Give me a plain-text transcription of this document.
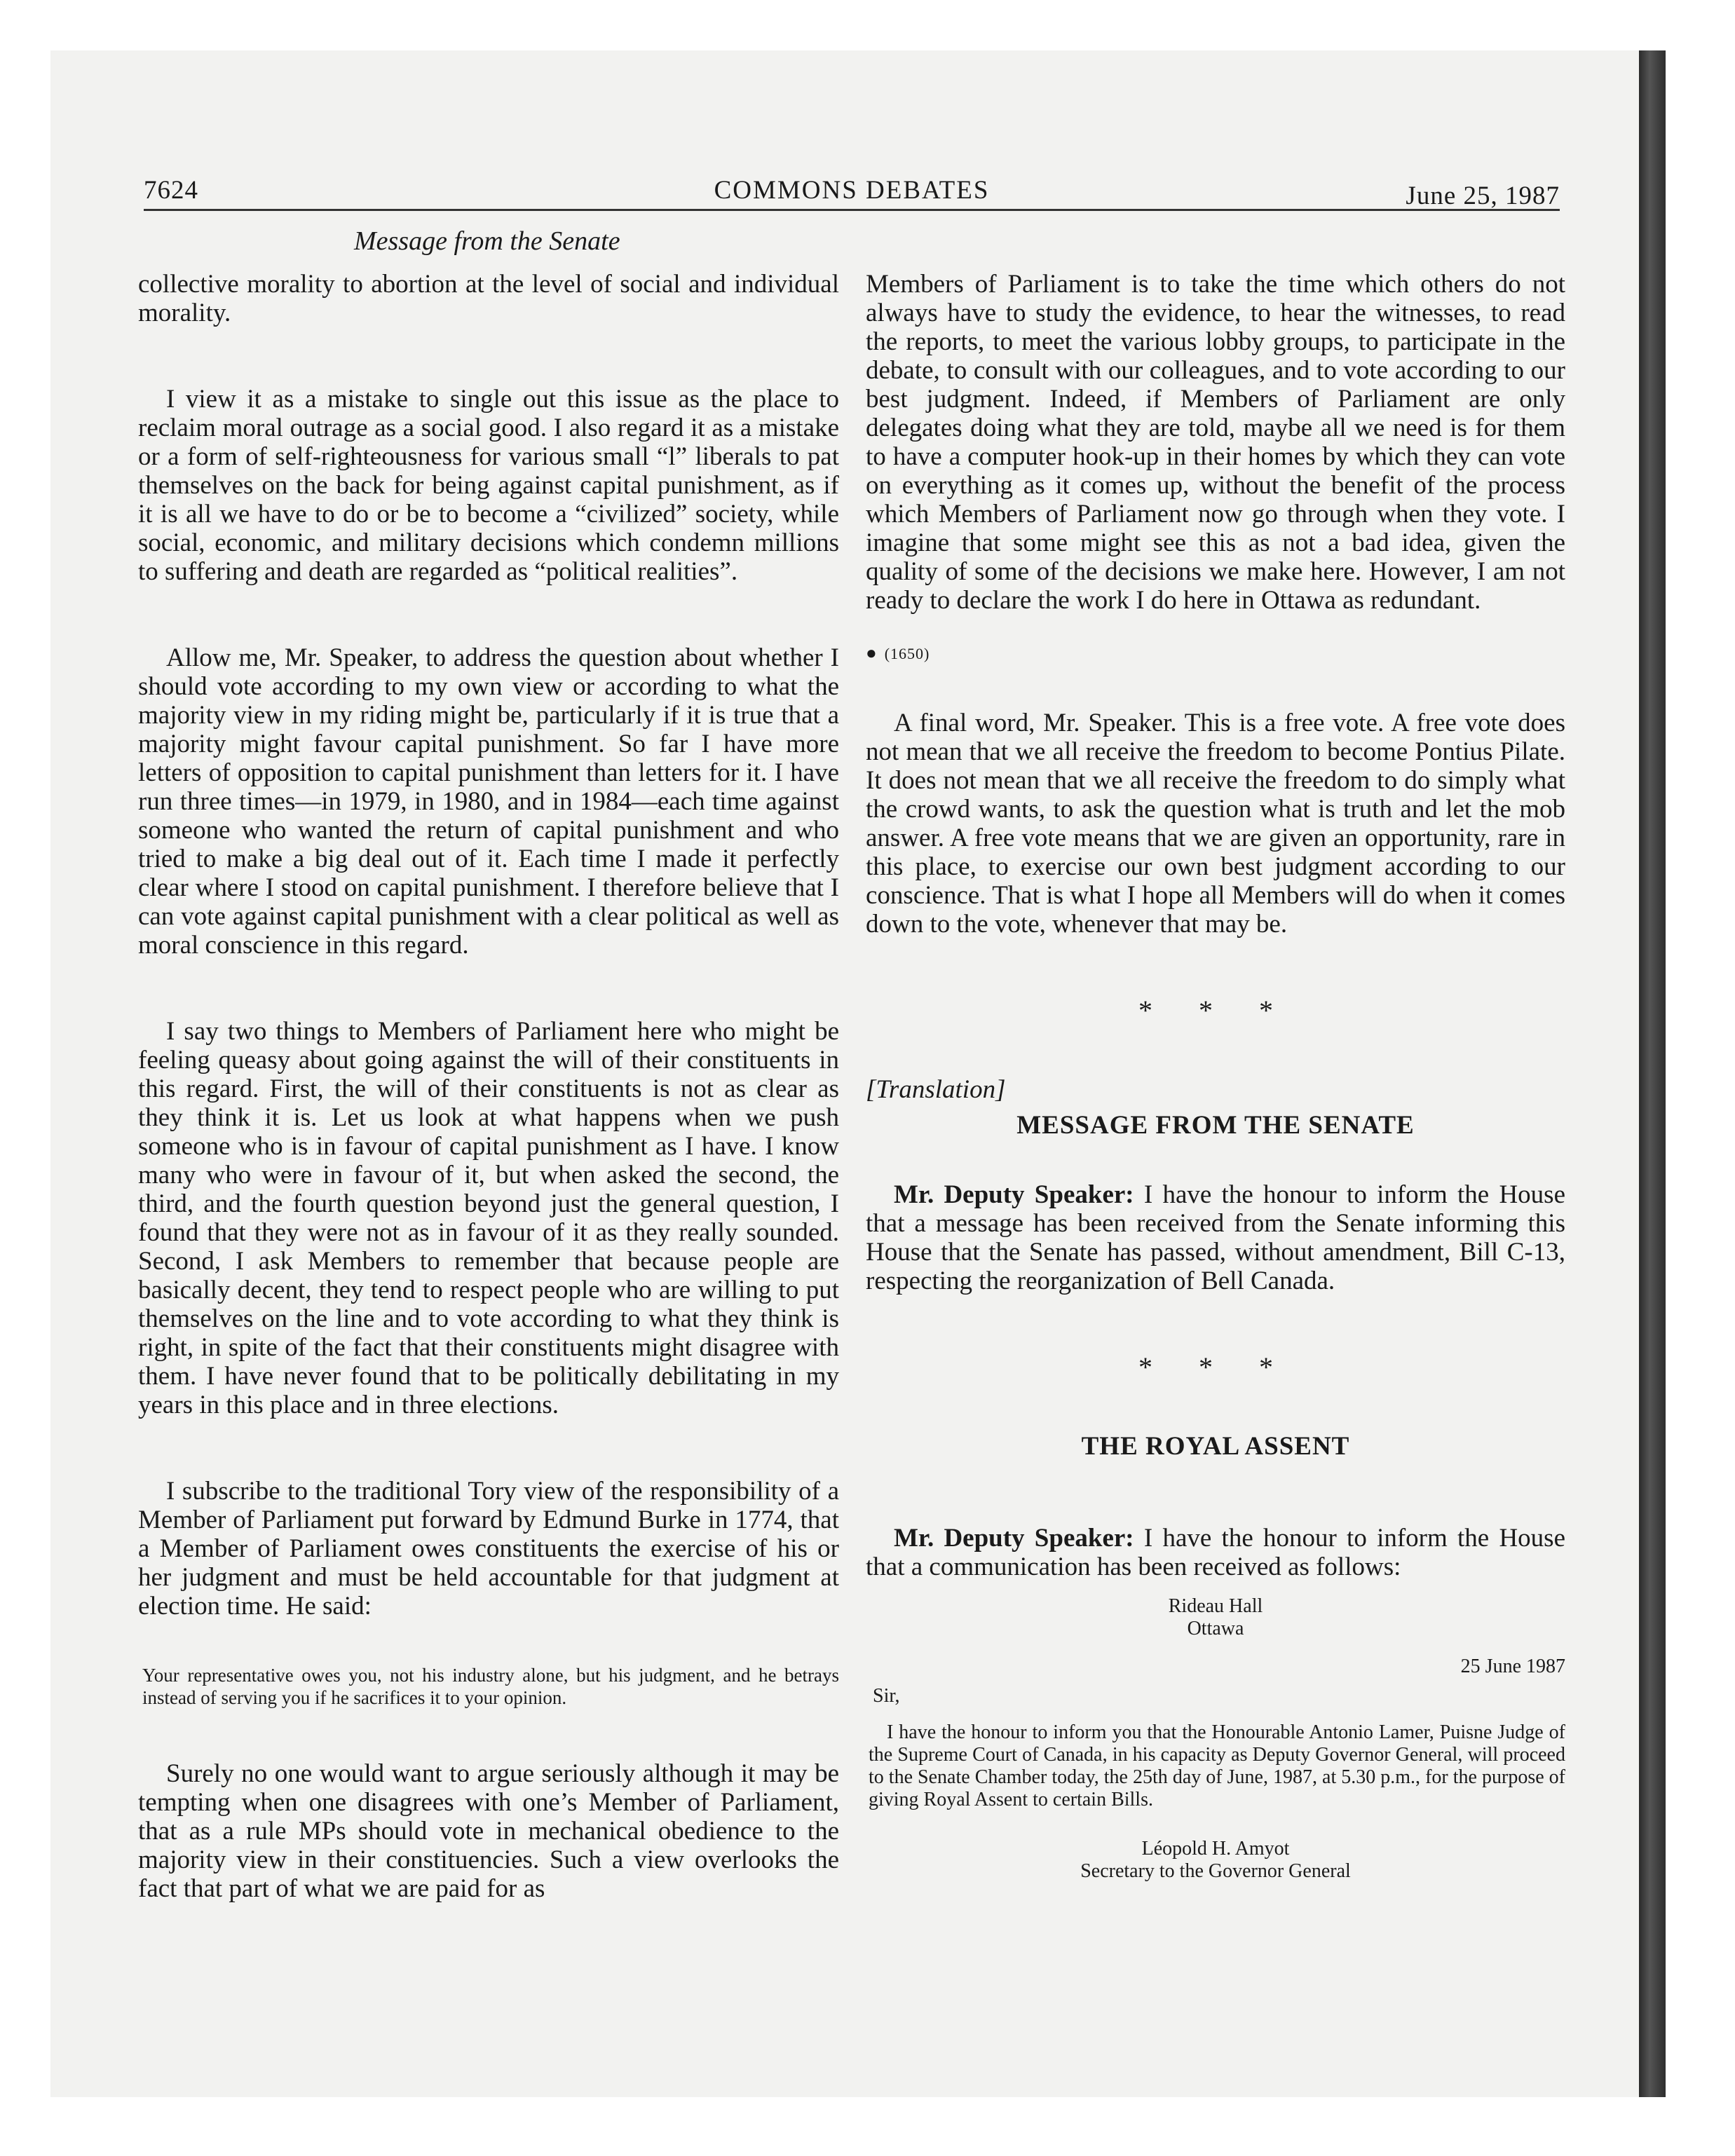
7624	COMMONS DEBATES	June 25, 1987
Message from the Senate

collective morality to abortion at the level of social and individual morality.

I view it as a mistake to single out this issue as the place to reclaim moral outrage as a social good. I also regard it as a mistake or a form of self-righteousness for various small “l” liberals to pat themselves on the back for being against capital punishment, as if it is all we have to do or be to become a “civilized” society, while social, economic, and military decisions which condemn millions to suffering and death are regarded as “political realities”.

Allow me, Mr. Speaker, to address the question about whether I should vote according to my own view or according to what the majority view in my riding might be, particularly if it is true that a majority might favour capital punishment. So far I have more letters of opposition to capital punishment than letters for it. I have run three times—in 1979, in 1980, and in 1984—each time against someone who wanted the return of capital punishment and who tried to make a big deal out of it. Each time I made it perfectly clear where I stood on capital punishment. I therefore believe that I can vote against capital punishment with a clear political as well as moral conscience in this regard.

I say two things to Members of Parliament here who might be feeling queasy about going against the will of their constituents in this regard. First, the will of their constituents is not as clear as they think it is. Let us look at what happens when we push someone who is in favour of capital punishment as I have. I know many who were in favour of it, but when asked the second, the third, and the fourth question beyond just the general question, I found that they were not as in favour of it as they really sounded. Second, I ask Members to remember that because people are basically decent, they tend to respect people who are willing to put themselves on the line and to vote according to what they think is right, in spite of the fact that their constituents might disagree with them. I have never found that to be politically debilitating in my years in this place and in three elections.

I subscribe to the traditional Tory view of the responsibility of a Member of Parliament put forward by Edmund Burke in 1774, that a Member of Parliament owes constituents the exercise of his or her judgment and must be held accountable for that judgment at election time. He said:

Your representative owes you, not his industry alone, but his judgment, and he betrays instead of serving you if he sacrifices it to your opinion.

Surely no one would want to argue seriously although it may be tempting when one disagrees with one’s Member of Parliament, that as a rule MPs should vote in mechanical obedience to the majority view in their constituencies. Such a view overlooks the fact that part of what we are paid for as

Members of Parliament is to take the time which others do not always have to study the evidence, to hear the witnesses, to read the reports, to meet the various lobby groups, to participate in the debate, to consult with our colleagues, and to vote according to our best judgment. Indeed, if Members of Parliament are only delegates doing what they are told, maybe all we need is for them to have a computer hook-up in their homes by which they can vote on everything as it comes up, without the benefit of the process which Members of Parliament now go through when they vote. I imagine that some might see this as not a bad idea, given the quality of some of the decisions we make here. However, I am not ready to declare the work I do here in Ottawa as redundant.

● (1650)

A final word, Mr. Speaker. This is a free vote. A free vote does not mean that we all receive the freedom to become Pontius Pilate. It does not mean that we all receive the freedom to do simply what the crowd wants, to ask the question what is truth and let the mob answer. A free vote means that we are given an opportunity, rare in this place, to exercise our own best judgment according to our conscience. That is what I hope all Members will do when it comes down to the vote, whenever that may be.

* * *
[Translation]
MESSAGE FROM THE SENATE

Mr. Deputy Speaker: I have the honour to inform the House that a message has been received from the Senate informing this House that the Senate has passed, without amendment, Bill C-13, respecting the reorganization of Bell Canada.

* * *
THE ROYAL ASSENT

Mr. Deputy Speaker: I have the honour to inform the House that a communication has been received as follows:

Rideau Hall
Ottawa
25 June 1987
Sir,

I have the honour to inform you that the Honourable Antonio Lamer, Puisne Judge of the Supreme Court of Canada, in his capacity as Deputy Governor General, will proceed to the Senate Chamber today, the 25th day of June, 1987, at 5.30 p.m., for the purpose of giving Royal Assent to certain Bills.

Léopold H. Amyot
Secretary to the Governor General
